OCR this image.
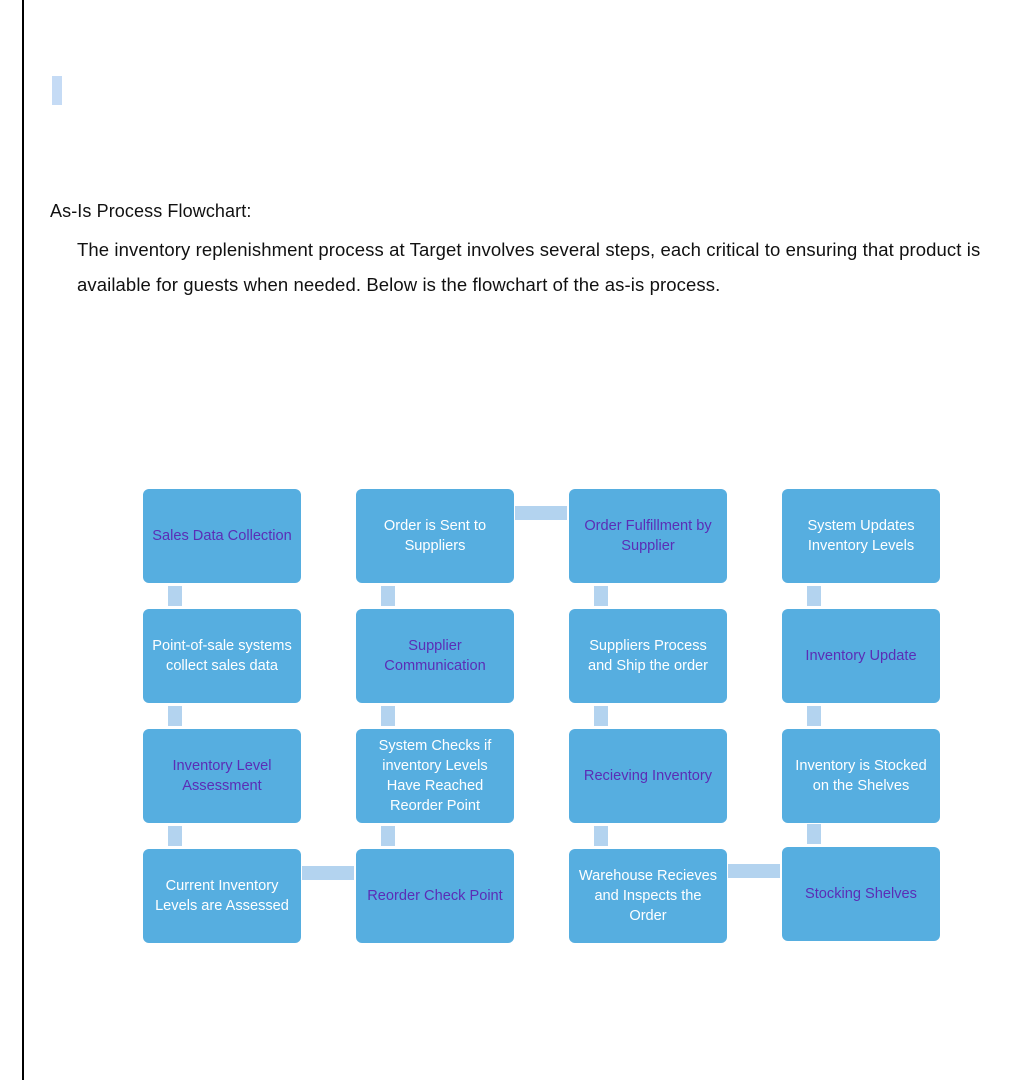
As-Is Process Flowchart:
The inventory replenishment process at Target involves several steps, each critical to ensuring that product is available for guests when needed. Below is the flowchart of the as-is process.
Sales Data Collection
Point-of-sale systems collect sales data
Inventory Level Assessment
Current Inventory Levels are Assessed
Order is Sent to Suppliers
Supplier Communication
System Checks if inventory Levels Have Reached Reorder Point
Reorder Check Point
Order Fulfillment by Supplier
Suppliers Process and Ship the order
Recieving Inventory
Warehouse Recieves and Inspects the Order
System Updates Inventory Levels
Inventory Update
Inventory is Stocked on the Shelves
Stocking Shelves
